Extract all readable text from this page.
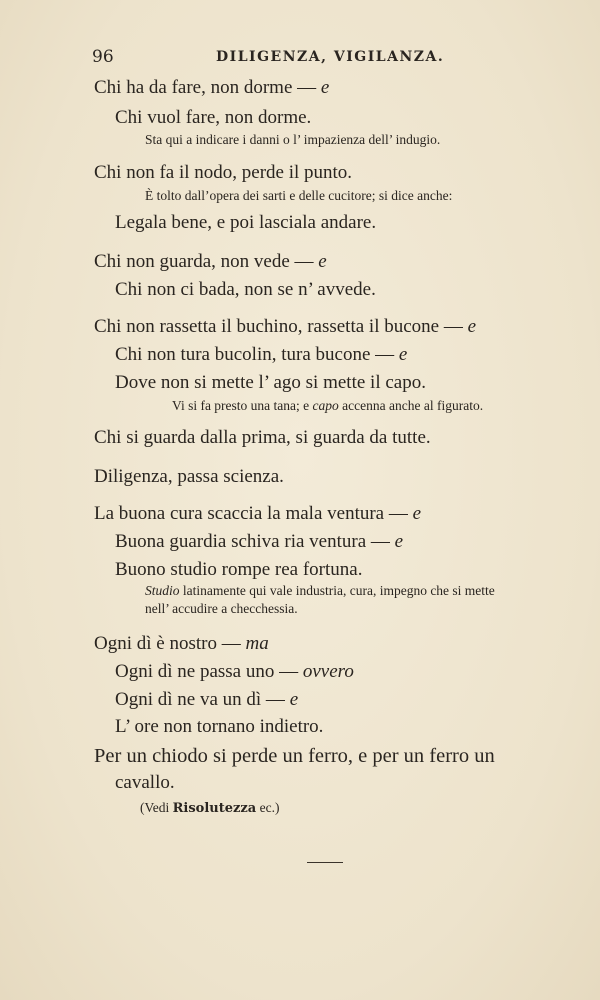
96	DILIGENZA, VIGILANZA.
Chi ha da fare, non dorme — e
Chi vuol fare, non dorme.
Sta qui a indicare i danni o l’ impazienza dell’ indugio.
Chi non fa il nodo, perde il punto.
È tolto dall’opera dei sarti e delle cucitore; si dice anche:
Legala bene, e poi lasciala andare.
Chi non guarda, non vede — e
Chi non ci bada, non se n’ avvede.
Chi non rassetta il buchino, rassetta il bucone — e
Chi non tura bucolin, tura bucone — e
Dove non si mette l’ ago si mette il capo.
Vi si fa presto una tana; e capo accenna anche al figurato.
Chi si guarda dalla prima, si guarda da tutte.
Diligenza, passa scienza.
La buona cura scaccia la mala ventura — e
Buona guardia schiva ria ventura — e
Buono studio rompe rea fortuna.
Studio latinamente qui vale industria, cura, impegno che si mette
nell’ accudire a checchessia.
Ogni dì è nostro — ma
Ogni dì ne passa uno — ovvero
Ogni dì ne va un dì — e
L’ ore non tornano indietro.
Per un chiodo si perde un ferro, e per un ferro un
cavallo.
(Vedi Risolutezza ec.)
